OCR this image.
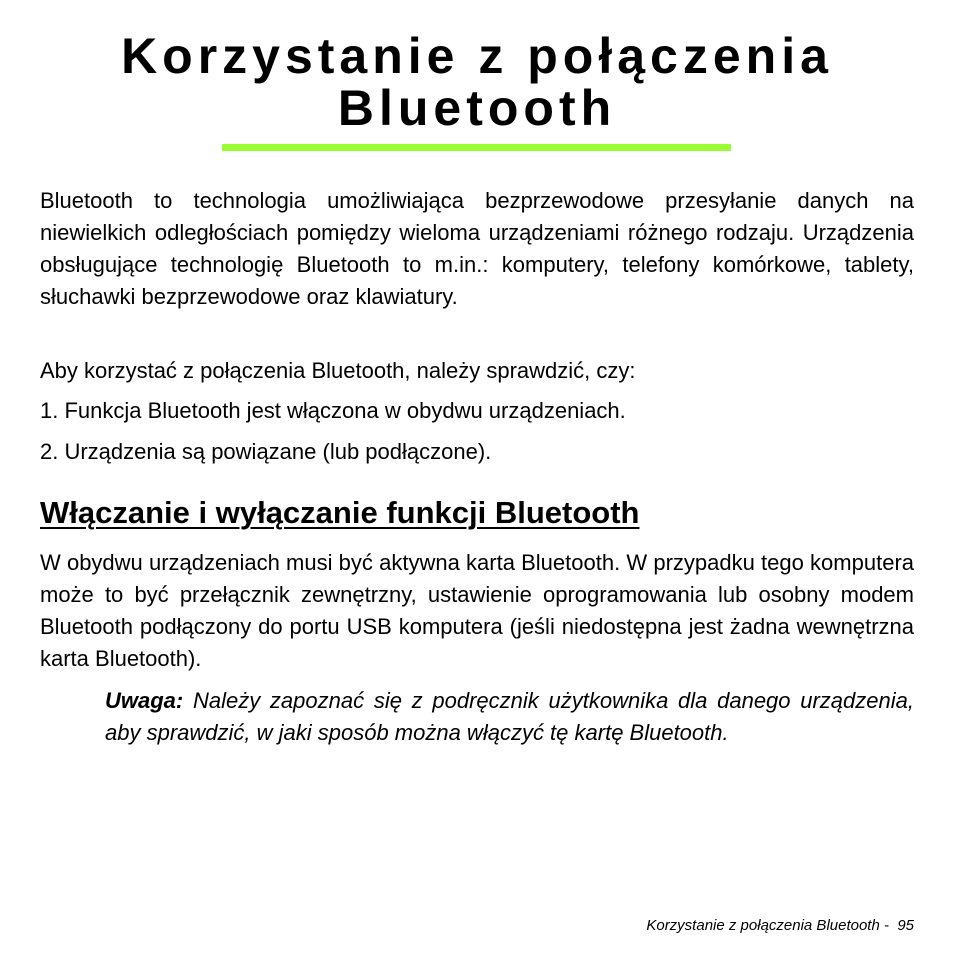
Korzystanie z połączenia
Bluetooth

Bluetooth to technologia umożliwiająca bezprzewodowe przesyłanie danych na niewielkich odległościach pomiędzy wieloma urządzeniami różnego rodzaju. Urządzenia obsługujące technologię Bluetooth to m.in.: komputery, telefony komórkowe, tablety, słuchawki bezprzewodowe oraz klawiatury.

Aby korzystać z połączenia Bluetooth, należy sprawdzić, czy:

1. Funkcja Bluetooth jest włączona w obydwu urządzeniach.

2. Urządzenia są powiązane (lub podłączone).

Włączanie i wyłączanie funkcji Bluetooth

W obydwu urządzeniach musi być aktywna karta Bluetooth. W przypadku tego komputera może to być przełącznik zewnętrzny, ustawienie oprogramowania lub osobny modem Bluetooth podłączony do portu USB komputera (jeśli niedostępna jest żadna wewnętrzna karta Bluetooth).

Uwaga: Należy zapoznać się z podręcznik użytkownika dla danego urządzenia, aby sprawdzić, w jaki sposób można włączyć tę kartę Bluetooth.

Korzystanie z połączenia Bluetooth -  95
